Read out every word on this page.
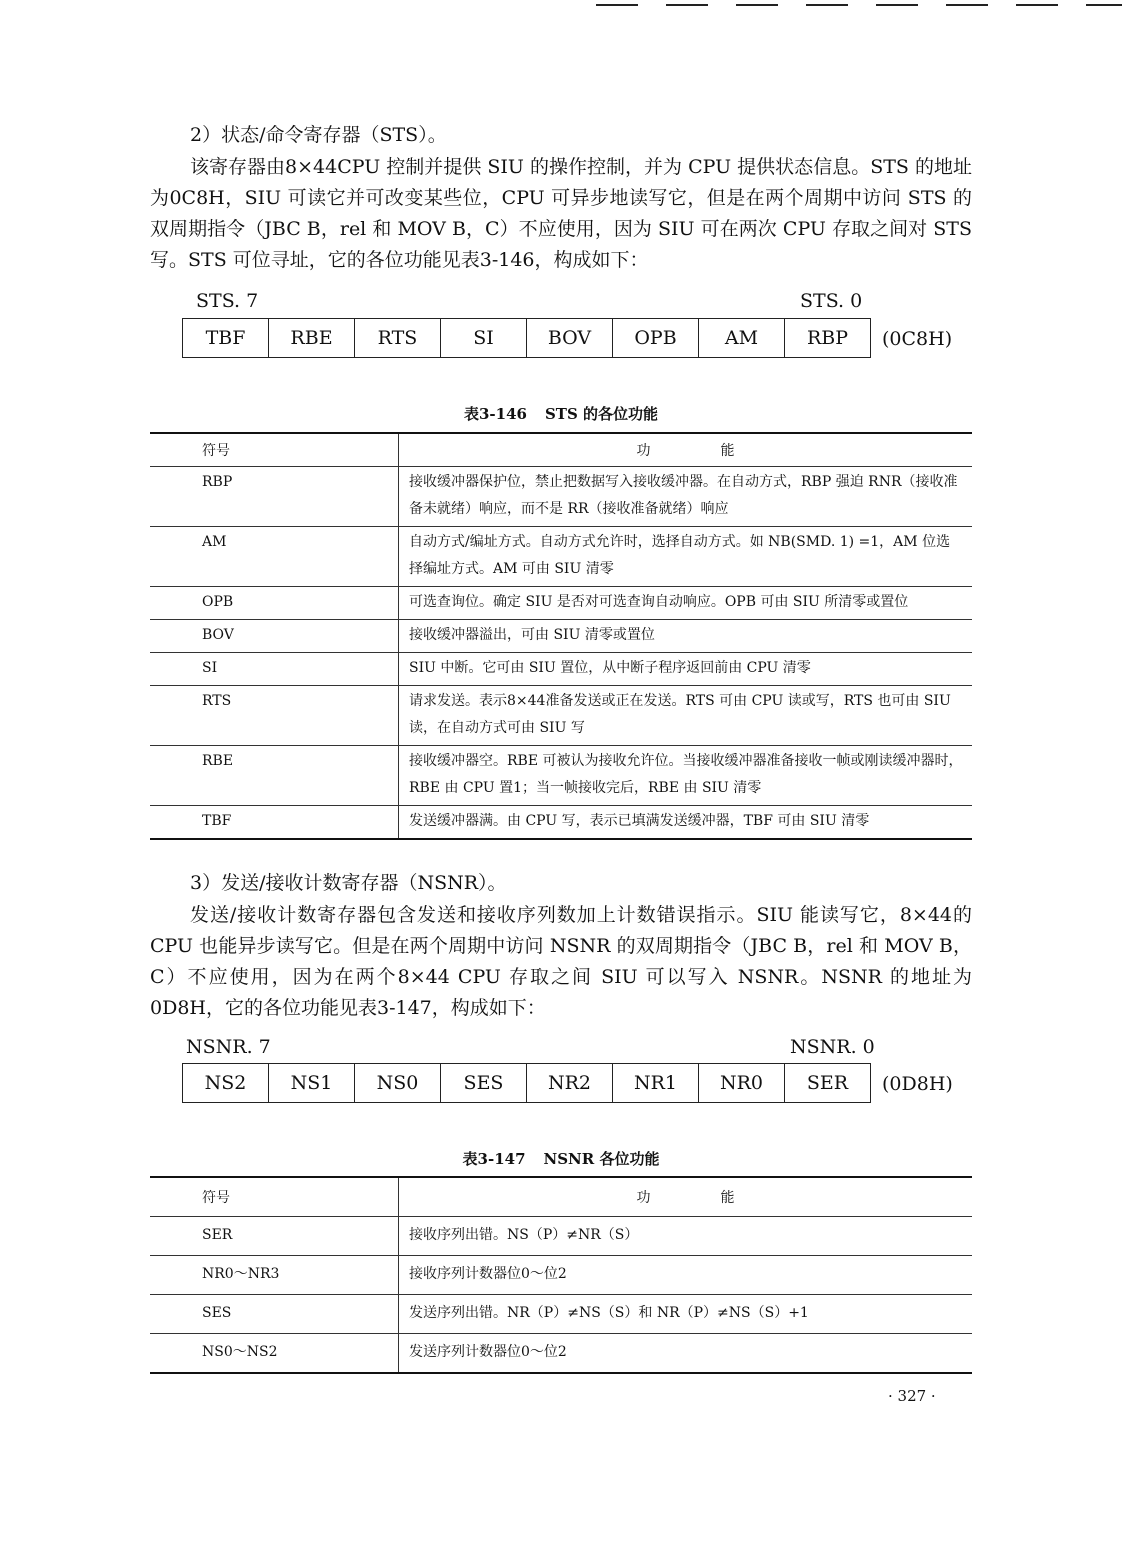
2）状态/命令寄存器（STS）。

该寄存器由8×44CPU 控制并提供 SIU 的操作控制，并为 CPU 提供状态信息。STS 的地址为0C8H，SIU 可读它并可改变某些位，CPU 可异步地读写它，但是在两个周期中访问 STS 的双周期指令（JBC B，rel 和 MOV B，C）不应使用，因为 SIU 可在两次 CPU 存取之间对 STS 写。STS 可位寻址，它的各位功能见表3-146，构成如下：

STS. 7	STS. 0
TBF	RBE	RTS	SI	BOV	OPB	AM	RBP (0C8H)
表3-146 STS 的各位功能
符号	功　　　　　能
RBP	接收缓冲器保护位，禁止把数据写入接收缓冲器。在自动方式，RBP 强迫 RNR（接收准备未就绪）响应，而不是 RR（接收准备就绪）响应
AM	自动方式/编址方式。自动方式允许时，选择自动方式。如 NB(SMD. 1) =1，AM 位选择编址方式。AM 可由 SIU 清零
OPB	可选查询位。确定 SIU 是否对可选查询自动响应。OPB 可由 SIU 所清零或置位
BOV	接收缓冲器溢出，可由 SIU 清零或置位
SI	SIU 中断。它可由 SIU 置位，从中断子程序返回前由 CPU 清零
RTS	请求发送。表示8×44准备发送或正在发送。RTS 可由 CPU 读或写，RTS 也可由 SIU 读，在自动方式可由 SIU 写
RBE	接收缓冲器空。RBE 可被认为接收允许位。当接收缓冲器准备接收一帧或刚读缓冲器时，RBE 由 CPU 置1；当一帧接收完后，RBE 由 SIU 清零
TBF	发送缓冲器满。由 CPU 写，表示已填满发送缓冲器，TBF 可由 SIU 清零
3）发送/接收计数寄存器（NSNR）。

发送/接收计数寄存器包含发送和接收序列数加上计数错误指示。SIU 能读写它，8×44的 CPU 也能异步读写它。但是在两个周期中访问 NSNR 的双周期指令（JBC B，rel 和 MOV B，C）不应使用，因为在两个8×44 CPU 存取之间 SIU 可以写入 NSNR。NSNR 的地址为0D8H，它的各位功能见表3-147，构成如下：

NSNR. 7	NSNR. 0
NS2	NS1	NS0	SES	NR2	NR1	NR0	SER (0D8H)
表3-147 NSNR 各位功能
符号	功　　　　　能
SER	接收序列出错。NS（P）≠NR（S）
NR0～NR3	接收序列计数器位0～位2
SES	发送序列出错。NR（P）≠NS（S）和 NR（P）≠NS（S）+1
NS0～NS2	发送序列计数器位0～位2
· 327 ·
